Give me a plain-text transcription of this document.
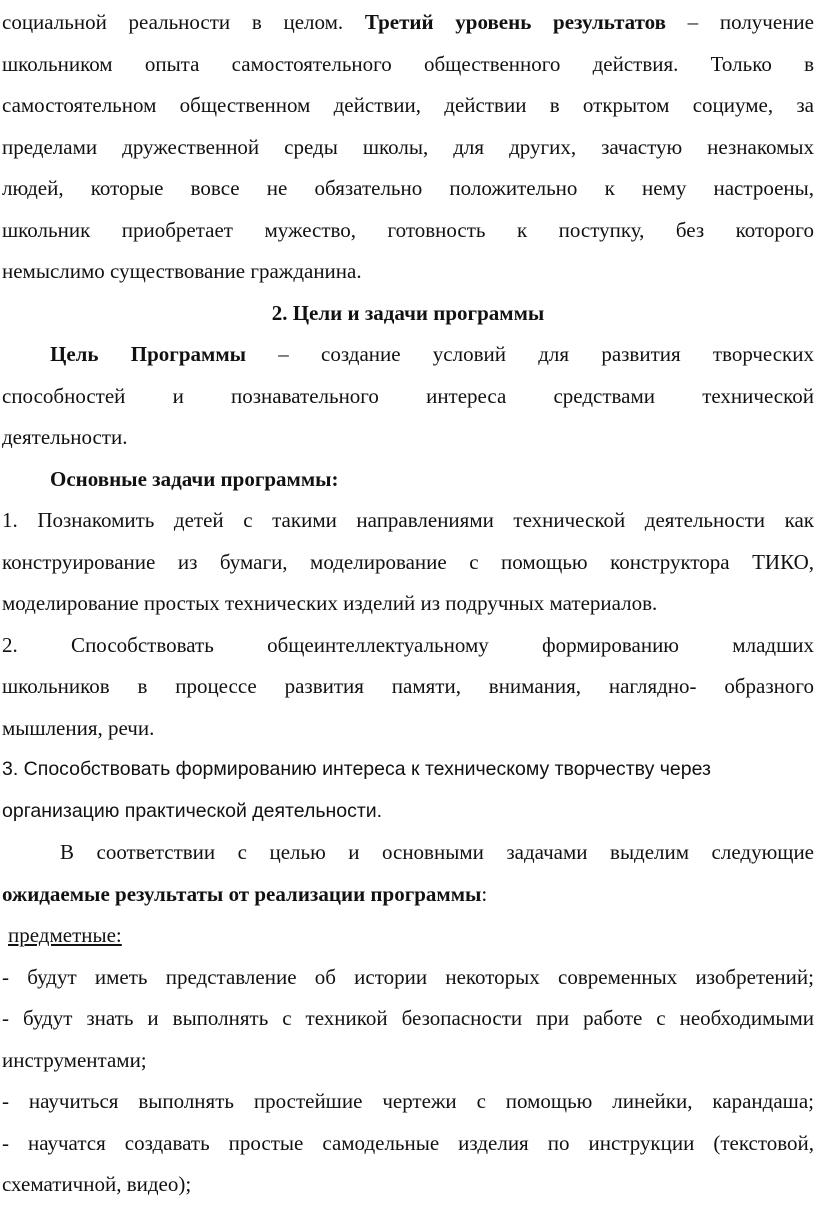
социальной реальности в целом. Третий уровень результатов – получение

школьником опыта самостоятельного общественного действия. Только в

самостоятельном общественном действии, действии в открытом социуме, за

пределами дружественной среды школы, для других, зачастую незнакомых

людей, которые вовсе не обязательно положительно к нему настроены,

школьник приобретает мужество, готовность к поступку, без которого

немыслимо существование гражданина.

2. Цели и задачи программы

Цель Программы – создание условий для развития творческих

способностей и познавательного интереса средствами технической

деятельности.

Основные задачи программы:

1. Познакомить детей с такими направлениями технической деятельности как

конструирование из бумаги, моделирование с помощью конструктора ТИКО,

моделирование простых технических изделий из подручных материалов.

2. Способствовать общеинтеллектуальному формированию младших

школьников в процессе развития памяти, внимания, наглядно- образного

мышления, речи.

3. Способствовать формированию интереса к техническому творчеству через

организацию практической деятельности.

В соответствии с целью и основными задачами выделим следующие

ожидаемые результаты от реализации программы:

предметные:

- будут иметь представление об истории некоторых современных изобретений;

- будут знать и выполнять с техникой безопасности при работе с необходимыми

инструментами;

- научиться выполнять простейшие чертежи с помощью линейки, карандаша;

- научатся создавать простые самодельные изделия по инструкции (текстовой,

схематичной, видео);
